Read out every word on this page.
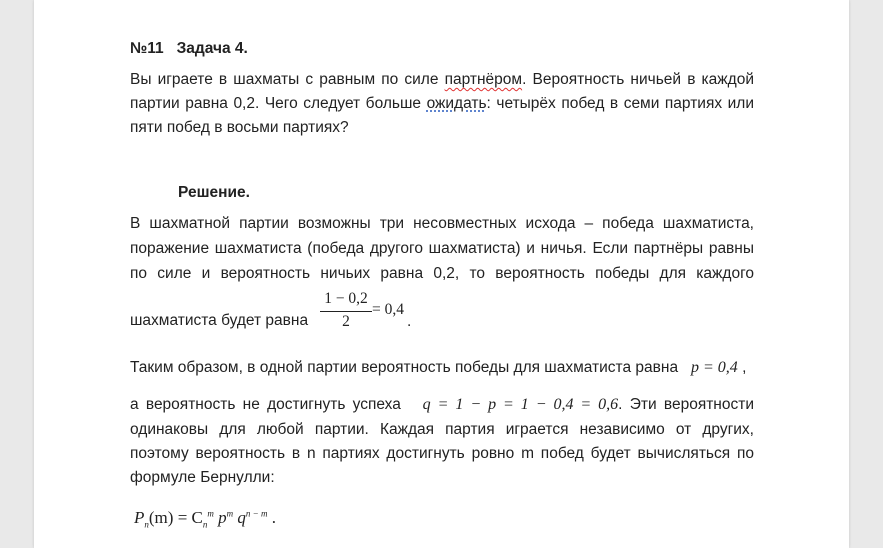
№11 Задача 4.
Вы играете в шахматы с равным по силе партнёром. Вероятность ничьей в каждой
партии равна 0,2. Чего следует больше ожидать: четырёх побед в семи партиях или
пяти побед в восьми партиях?
Решение.
В шахматной партии возможны три несовместных исхода – победа шахматиста,
поражение шахматиста (победа другого шахматиста) и ничья. Если партнёры равны
по силе и вероятность ничьих равна 0,2, то вероятность победы для каждого
шахматиста будет равна
1 − 0,2
2
= 0,4
.
Таким образом, в одной партии вероятность победы для шахматиста равна p = 0,4 ,
а вероятность не достигнуть успеха q = 1 − p = 1 − 0,4 = 0,6. Эти вероятности
одинаковы для любой партии. Каждая партия играется независимо от других,
поэтому вероятность в n партиях достигнуть ровно m побед будет вычисляться по
формуле Бернулли:
$P_n(m) = C_n^m$ $p^m$ $q^{n - m}$ .
